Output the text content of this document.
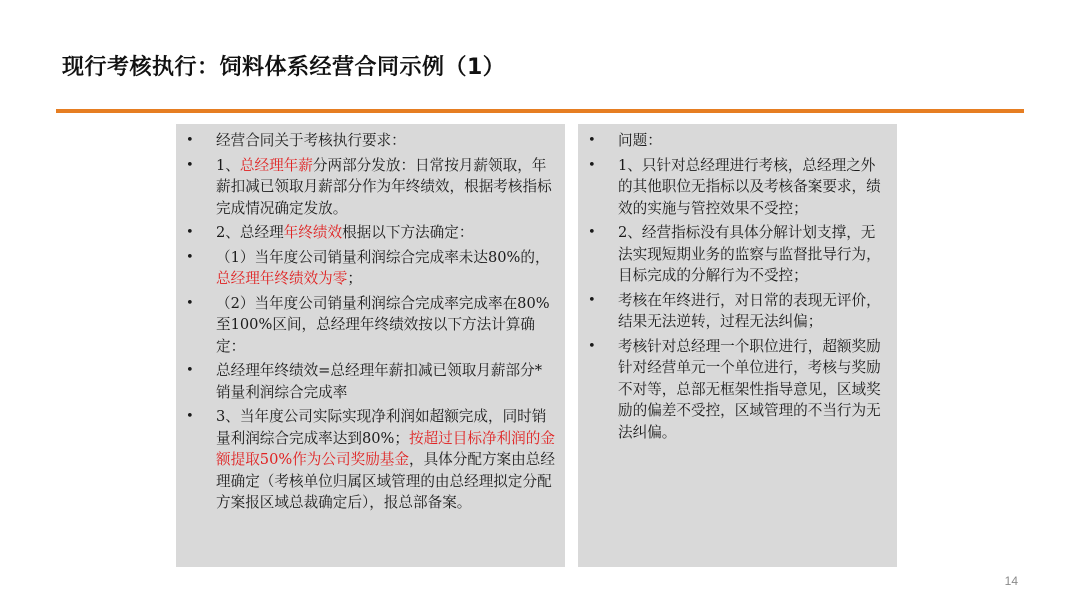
现行考核执行：饲料体系经营合同示例（1）
• 经营合同关于考核执行要求：
• 1、总经理年薪分两部分发放：日常按月薪领取，年薪扣减已领取月薪部分作为年终绩效，根据考核指标完成情况确定发放。
• 2、总经理年终绩效根据以下方法确定：
• （1）当年度公司销量利润综合完成率未达80%的，总经理年终绩效为零；
• （2）当年度公司销量利润综合完成率完成率在80%至100%区间，总经理年终绩效按以下方法计算确定：
• 总经理年终绩效=总经理年薪扣减已领取月薪部分*销量利润综合完成率
• 3、当年度公司实际实现净利润如超额完成，同时销量利润综合完成率达到80%；按超过目标净利润的金额提取50%作为公司奖励基金，具体分配方案由总经理确定（考核单位归属区域管理的由总经理拟定分配方案报区域总裁确定后），报总部备案。
• 问题：
• 1、只针对总经理进行考核，总经理之外的其他职位无指标以及考核备案要求，绩效的实施与管控效果不受控；
• 2、经营指标没有具体分解计划支撑，无法实现短期业务的监察与监督批导行为，目标完成的分解行为不受控；
• 考核在年终进行，对日常的表现无评价，结果无法逆转，过程无法纠偏；
• 考核针对总经理一个职位进行，超额奖励针对经营单元一个单位进行，考核与奖励不对等，总部无框架性指导意见，区域奖励的偏差不受控，区域管理的不当行为无法纠偏。
14
